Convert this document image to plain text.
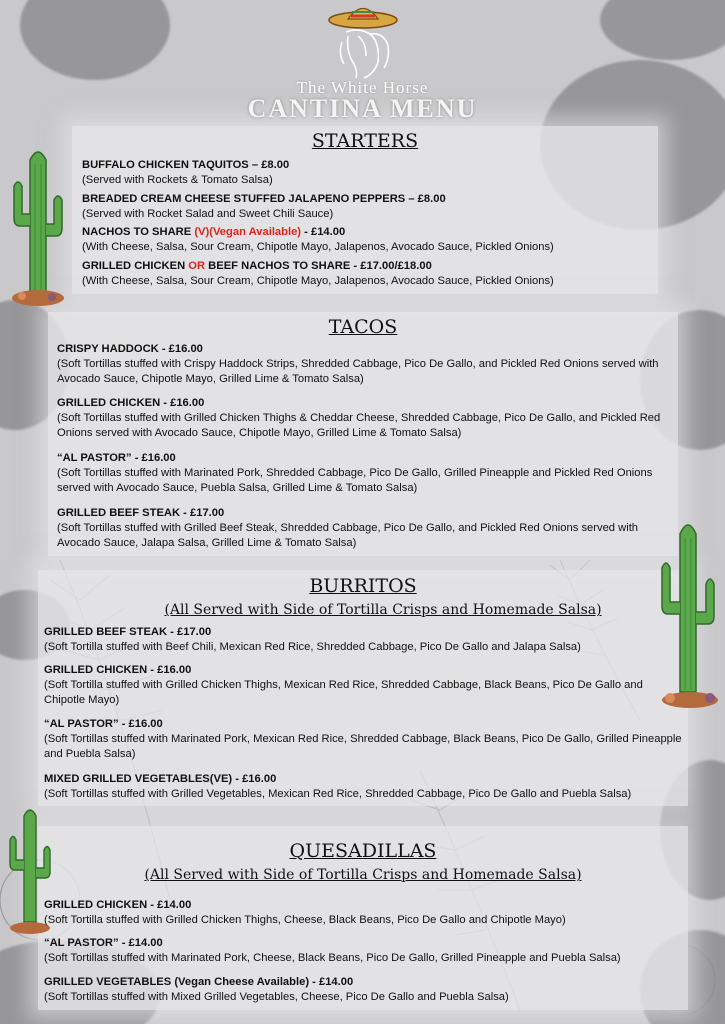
The White Horse
CANTINA MENU
STARTERS
BUFFALO CHICKEN TAQUITOS – £8.00
(Served with Rockets & Tomato Salsa)
BREADED CREAM CHEESE STUFFED JALAPENO PEPPERS – £8.00
(Served with Rocket Salad and Sweet Chili Sauce)
NACHOS TO SHARE (V)(Vegan Available) - £14.00
(With Cheese, Salsa, Sour Cream, Chipotle Mayo, Jalapenos, Avocado Sauce, Pickled Onions)
GRILLED CHICKEN OR BEEF NACHOS TO SHARE - £17.00/£18.00
(With Cheese, Salsa, Sour Cream, Chipotle Mayo, Jalapenos, Avocado Sauce, Pickled Onions)
TACOS
CRISPY HADDOCK - £16.00
(Soft Tortillas stuffed with Crispy Haddock Strips, Shredded Cabbage, Pico De Gallo, and Pickled Red Onions served with Avocado Sauce, Chipotle Mayo, Grilled Lime & Tomato Salsa)
GRILLED CHICKEN - £16.00
(Soft Tortillas stuffed with Grilled Chicken Thighs & Cheddar Cheese, Shredded Cabbage, Pico De Gallo, and Pickled Red Onions served with Avocado Sauce, Chipotle Mayo, Grilled Lime & Tomato Salsa)
“AL PASTOR” - £16.00
(Soft Tortillas stuffed with Marinated Pork, Shredded Cabbage, Pico De Gallo, Grilled Pineapple and Pickled Red Onions served with Avocado Sauce, Puebla Salsa, Grilled Lime & Tomato Salsa)
GRILLED BEEF STEAK - £17.00
(Soft Tortillas stuffed with Grilled Beef Steak, Shredded Cabbage, Pico De Gallo, and Pickled Red Onions served with Avocado Sauce, Jalapa Salsa, Grilled Lime & Tomato Salsa)
BURRITOS
(All Served with Side of Tortilla Crisps and Homemade Salsa)
GRILLED BEEF STEAK - £17.00
(Soft Tortilla stuffed with Beef Chili, Mexican Red Rice, Shredded Cabbage, Pico De Gallo and Jalapa Salsa)
GRILLED CHICKEN - £16.00
(Soft Tortilla stuffed with Grilled Chicken Thighs, Mexican Red Rice, Shredded Cabbage, Black Beans, Pico De Gallo and Chipotle Mayo)
“AL PASTOR” - £16.00
(Soft Tortillas stuffed with Marinated Pork, Mexican Red Rice, Shredded Cabbage, Black Beans, Pico De Gallo, Grilled Pineapple and Puebla Salsa)
MIXED GRILLED VEGETABLES(VE) - £16.00
(Soft Tortillas stuffed with Grilled Vegetables, Mexican Red Rice, Shredded Cabbage, Pico De Gallo and Puebla Salsa)
QUESADILLAS
(All Served with Side of Tortilla Crisps and Homemade Salsa)
GRILLED CHICKEN - £14.00
(Soft Tortilla stuffed with Grilled Chicken Thighs, Cheese, Black Beans, Pico De Gallo and Chipotle Mayo)
“AL PASTOR” - £14.00
(Soft Tortillas stuffed with Marinated Pork, Cheese, Black Beans, Pico De Gallo, Grilled Pineapple and Puebla Salsa)
GRILLED VEGETABLES (Vegan Cheese Available) - £14.00
(Soft Tortillas stuffed with Mixed Grilled Vegetables, Cheese, Pico De Gallo and Puebla Salsa)
